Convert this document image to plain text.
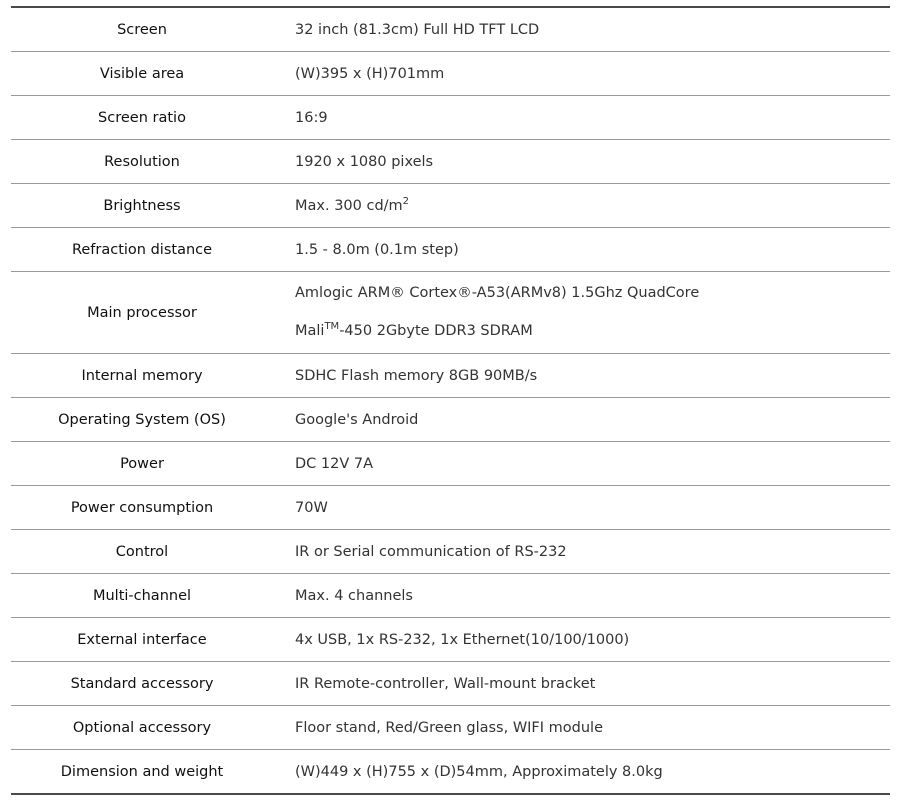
Screen	32 inch (81.3cm) Full HD TFT LCD
Visible area	(W)395 x (H)701mm
Screen ratio	16:9
Resolution	1920 x 1080 pixels
Brightness	Max. 300 $cd/m^2$
Refraction distance	1.5 - 8.0m (0.1m step)
Main processor	Amlogic ARM® Cortex®-A53(ARMv8) 1.5Ghz QuadCore
Mali™-450 2Gbyte DDR3 SDRAM

Internal memory	SDHC Flash memory 8GB 90MB/s
Operating System (OS)	Google's Android
Power	DC 12V 7A
Power consumption	70W
Control	IR or Serial communication of RS-232
Multi-channel	Max. 4 channels
External interface	4x USB, 1x RS-232, 1x Ethernet(10/100/1000)
Standard accessory	IR Remote-controller, Wall-mount bracket
Optional accessory	Floor stand, Red/Green glass, WIFI module
Dimension and weight	(W)449 x (H)755 x (D)54mm, Approximately 8.0kg
